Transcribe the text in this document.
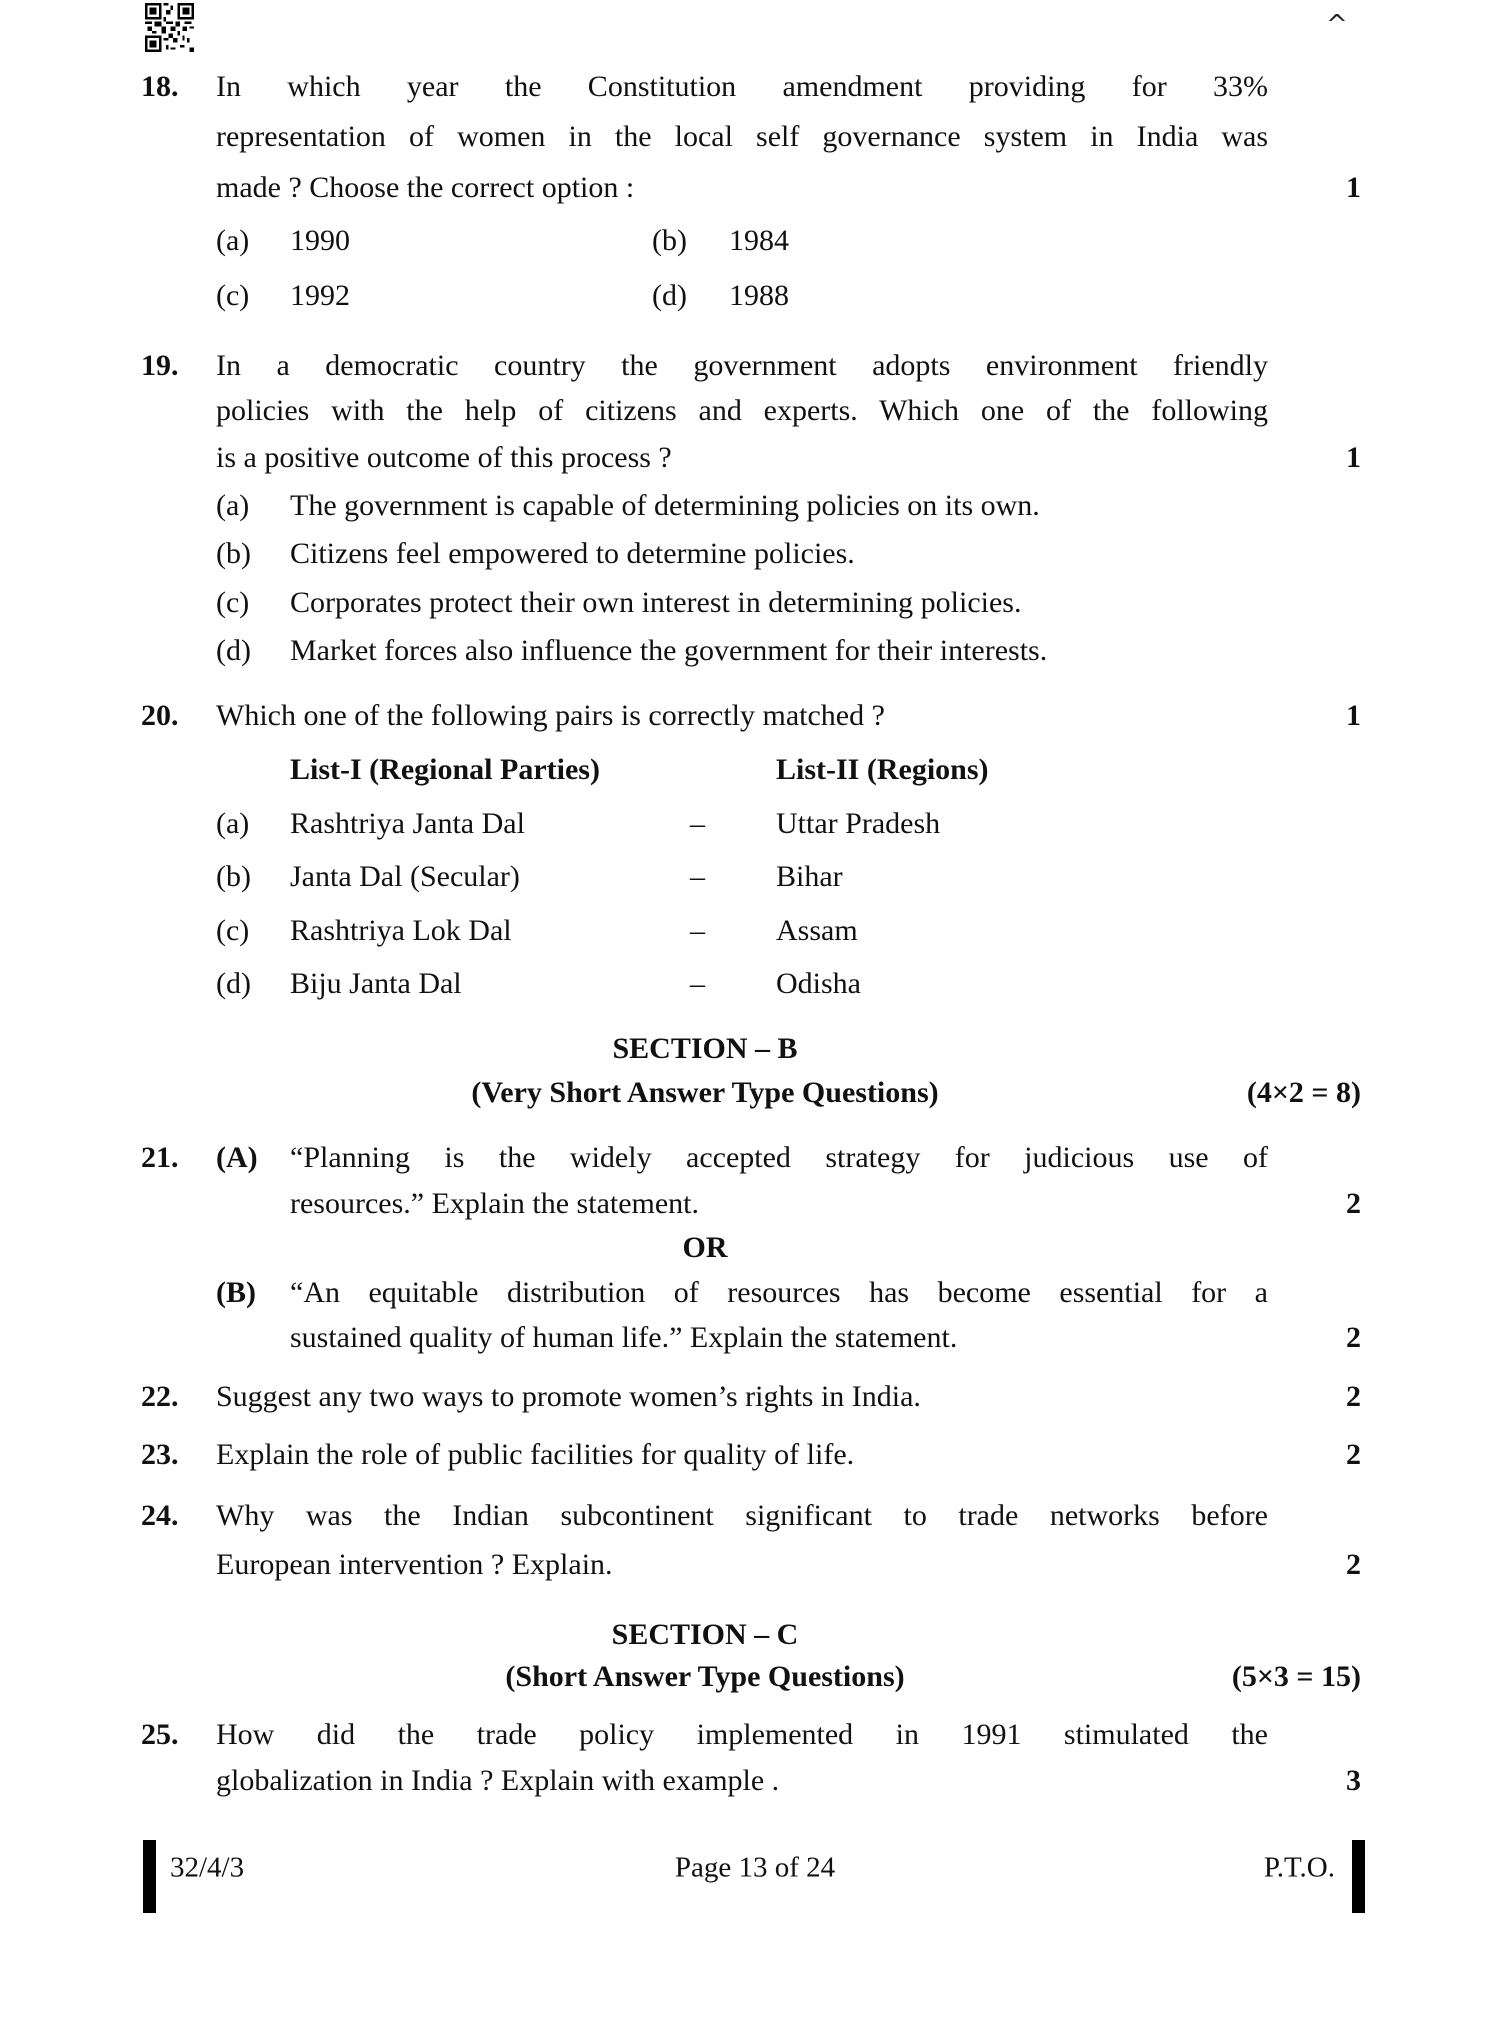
^
18. In which year the Constitution amendment providing for 33%
representation of women in the local self governance system in India was
made ? Choose the correct option :	1
(a) 1990	(b) 1984
(c) 1992	(d) 1988
19. In a democratic country the government adopts environment friendly
policies with the help of citizens and experts. Which one of the following
is a positive outcome of this process ?	1
(a) The government is capable of determining policies on its own.
(b) Citizens feel empowered to determine policies.
(c) Corporates protect their own interest in determining policies.
(d) Market forces also influence the government for their interests.
20. Which one of the following pairs is correctly matched ?	1
List-I (Regional Parties)	List-II (Regions)
(a) Rashtriya Janta Dal	– Uttar Pradesh
(b) Janta Dal (Secular)	– Bihar
(c) Rashtriya Lok Dal	– Assam
(d) Biju Janta Dal	– Odisha
SECTION – B
(Very Short Answer Type Questions)	(4×2 = 8)
21. (A) “Planning is the widely accepted strategy for judicious use of
resources.” Explain the statement.	2
OR
(B) “An equitable distribution of resources has become essential for a
sustained quality of human life.” Explain the statement.	2
22. Suggest any two ways to promote women’s rights in India.	2
23. Explain the role of public facilities for quality of life.	2
24. Why was the Indian subcontinent significant to trade networks before
European intervention ? Explain.	2
SECTION – C
(Short Answer Type Questions)	(5×3 = 15)
25. How did the trade policy implemented in 1991 stimulated the
globalization in India ? Explain with example .	3
32/4/3	Page 13 of 24	P.T.O.
